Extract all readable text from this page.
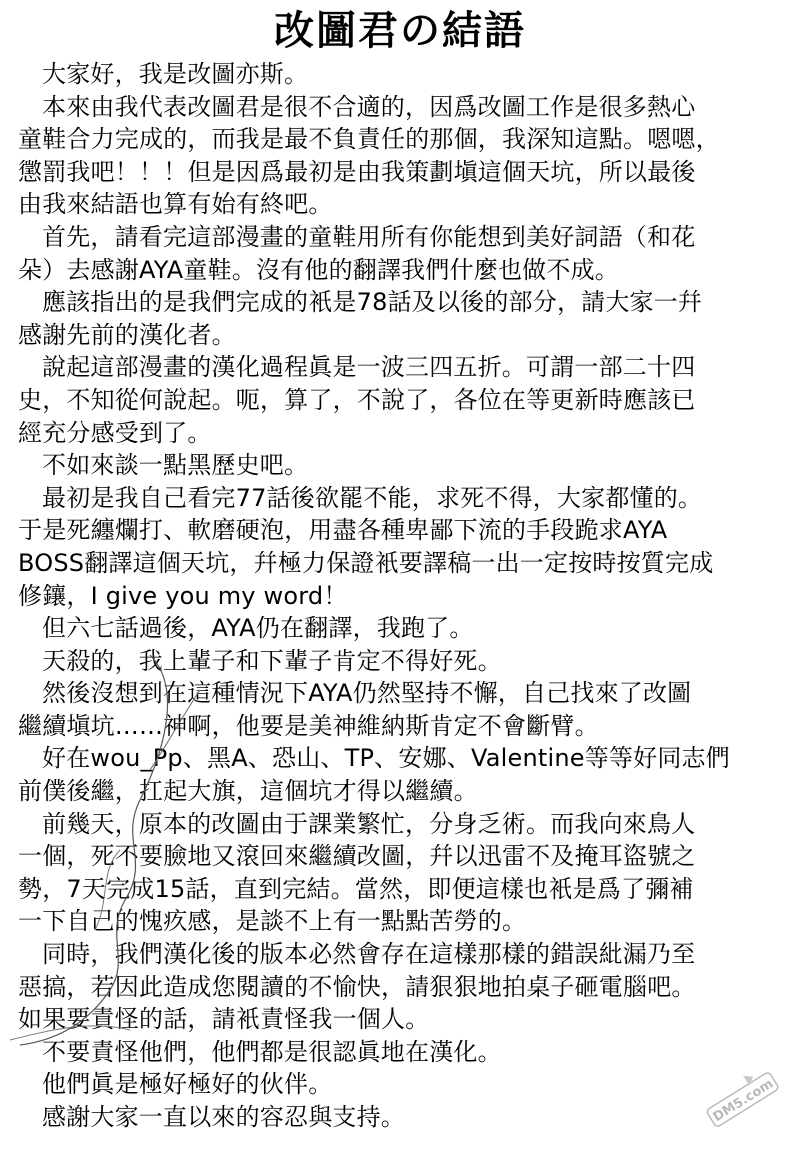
改圖君の結語
大家好，我是改圖亦斯。
本來由我代表改圖君是很不合適的，因爲改圖工作是很多熱心
童鞋合力完成的，而我是最不負責任的那個，我深知這點。嗯嗯，
懲罰我吧！！！但是因爲最初是由我策劃塡這個天坑，所以最後
由我來結語也算有始有終吧。
首先，請看完這部漫畫的童鞋用所有你能想到美好詞語（和花
朵）去感謝AYA童鞋。沒有他的翻譯我們什麼也做不成。
應該指出的是我們完成的衹是78話及以後的部分，請大家一幷
感謝先前的漢化者。
說起這部漫畫的漢化過程眞是一波三四五折。可謂一部二十四
史，不知從何說起。呃，算了，不說了，各位在等更新時應該已
經充分感受到了。
不如來談一點黑歷史吧。
最初是我自己看完77話後欲罷不能，求死不得，大家都懂的。
于是死纏爛打、軟磨硬泡，用盡各種卑鄙下流的手段跪求AYA
BOSS翻譯這個天坑，幷極力保證衹要譯稿一出一定按時按質完成
修鑲，I give you my word！
但六七話過後，AYA仍在翻譯，我跑了。
天殺的，我上輩子和下輩子肯定不得好死。
然後沒想到在這種情況下AYA仍然堅持不懈，自己找來了改圖
繼續塡坑……神啊，他要是美神維納斯肯定不會斷臂。
好在wou_Pp、黑A、恐山、TP、安娜、Valentine等等好同志們
前僕後繼，扛起大旗，這個坑才得以繼續。
前幾天，原本的改圖由于課業繁忙，分身乏術。而我向來鳥人
一個，死不要臉地又滾回來繼續改圖，幷以迅雷不及掩耳盜號之
勢，7天完成15話，直到完結。當然，即便這樣也衹是爲了彌補
一下自己的愧疚感，是談不上有一點點苦勞的。
同時，我們漢化後的版本必然會存在這樣那樣的錯誤紕漏乃至
惡搞，若因此造成您閱讀的不愉快，請狠狠地拍桌子砸電腦吧。
如果要責怪的話，請衹責怪我一個人。
不要責怪他們，他們都是很認眞地在漢化。
他們眞是極好極好的伙伴。
感謝大家一直以來的容忍與支持。	DM5.com
